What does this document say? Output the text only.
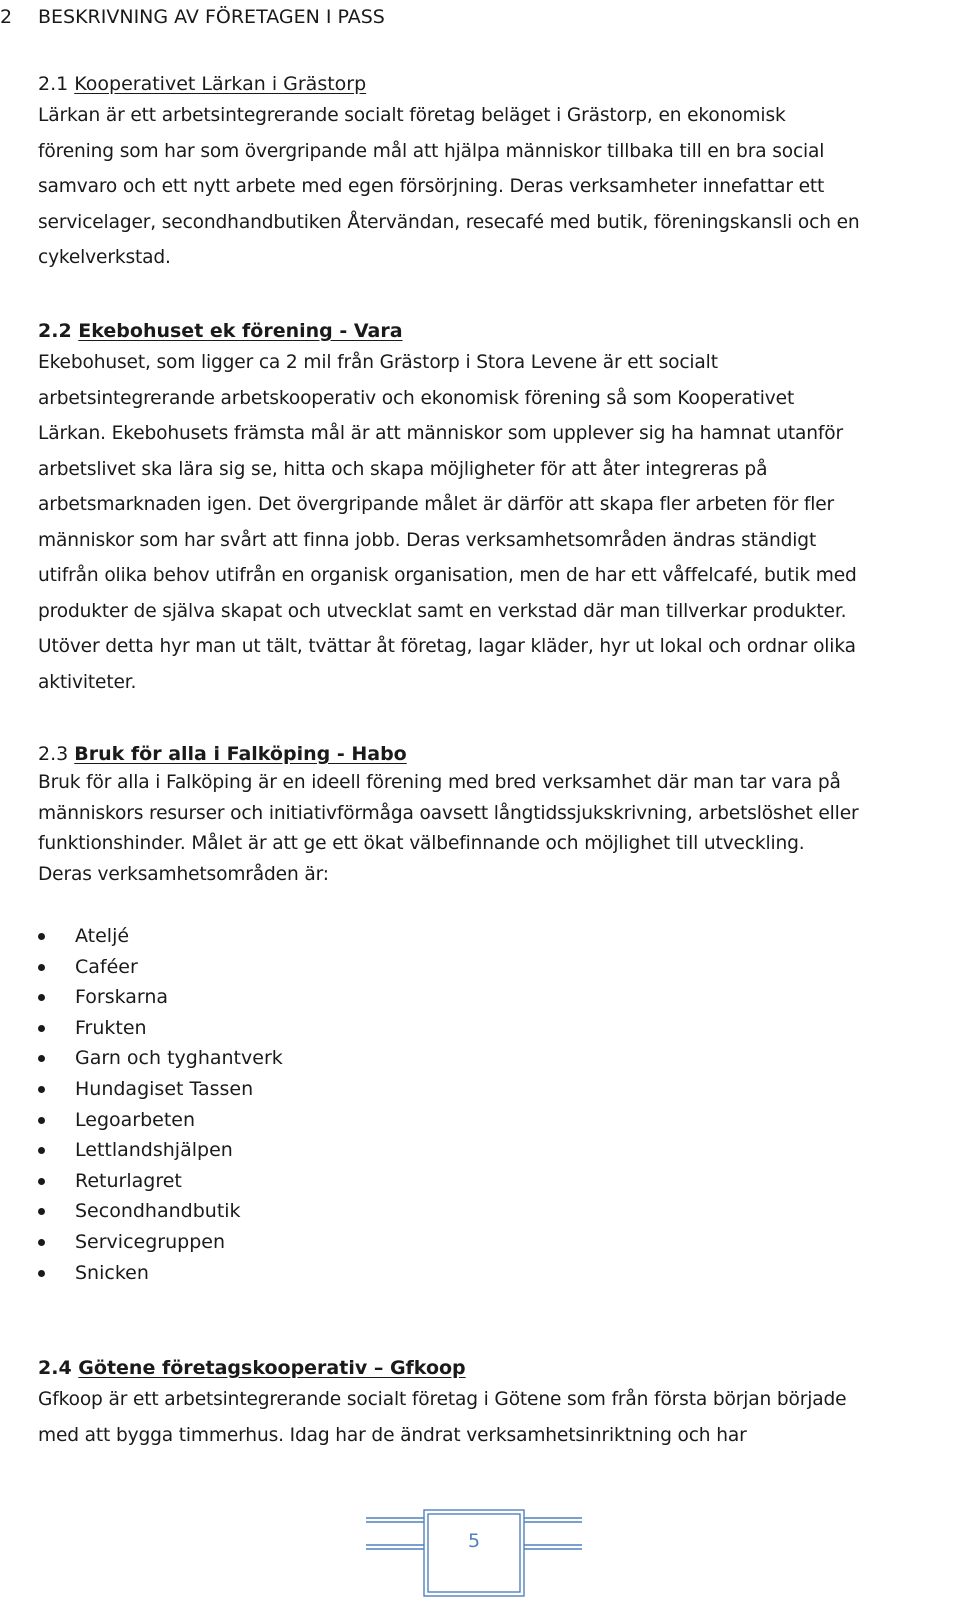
2 BESKRIVNING AV FÖRETAGEN I PASS
2.1 Kooperativet Lärkan i Grästorp
Lärkan är ett arbetsintegrerande socialt företag beläget i Grästorp, en ekonomisk
förening som har som övergripande mål att hjälpa människor tillbaka till en bra social
samvaro och ett nytt arbete med egen försörjning. Deras verksamheter innefattar ett
servicelager, secondhandbutiken Återvändan, resecafé med butik, föreningskansli och en
cykelverkstad.
2.2 Ekebohuset ek förening - Vara
Ekebohuset, som ligger ca 2 mil från Grästorp i Stora Levene är ett socialt
arbetsintegrerande arbetskooperativ och ekonomisk förening så som Kooperativet
Lärkan. Ekebohusets främsta mål är att människor som upplever sig ha hamnat utanför
arbetslivet ska lära sig se, hitta och skapa möjligheter för att åter integreras på
arbetsmarknaden igen. Det övergripande målet är därför att skapa fler arbeten för fler
människor som har svårt att finna jobb. Deras verksamhetsområden ändras ständigt
utifrån olika behov utifrån en organisk organisation, men de har ett våffelcafé, butik med
produkter de själva skapat och utvecklat samt en verkstad där man tillverkar produkter.
Utöver detta hyr man ut tält, tvättar åt företag, lagar kläder, hyr ut lokal och ordnar olika
aktiviteter.
2.3 Bruk för alla i Falköping - Habo
Bruk för alla i Falköping är en ideell förening med bred verksamhet där man tar vara på
människors resurser och initiativförmåga oavsett långtidssjukskrivning, arbetslöshet eller
funktionshinder. Målet är att ge ett ökat välbefinnande och möjlighet till utveckling.
Deras verksamhetsområden är:
Ateljé
Caféer
Forskarna
Frukten
Garn och tyghantverk
Hundagiset Tassen
Legoarbeten
Lettlandshjälpen
Returlagret
Secondhandbutik
Servicegruppen
Snicken
2.4 Götene företagskooperativ – Gfkoop
Gfkoop är ett arbetsintegrerande socialt företag i Götene som från första början började
med att bygga timmerhus. Idag har de ändrat verksamhetsinriktning och har
5
